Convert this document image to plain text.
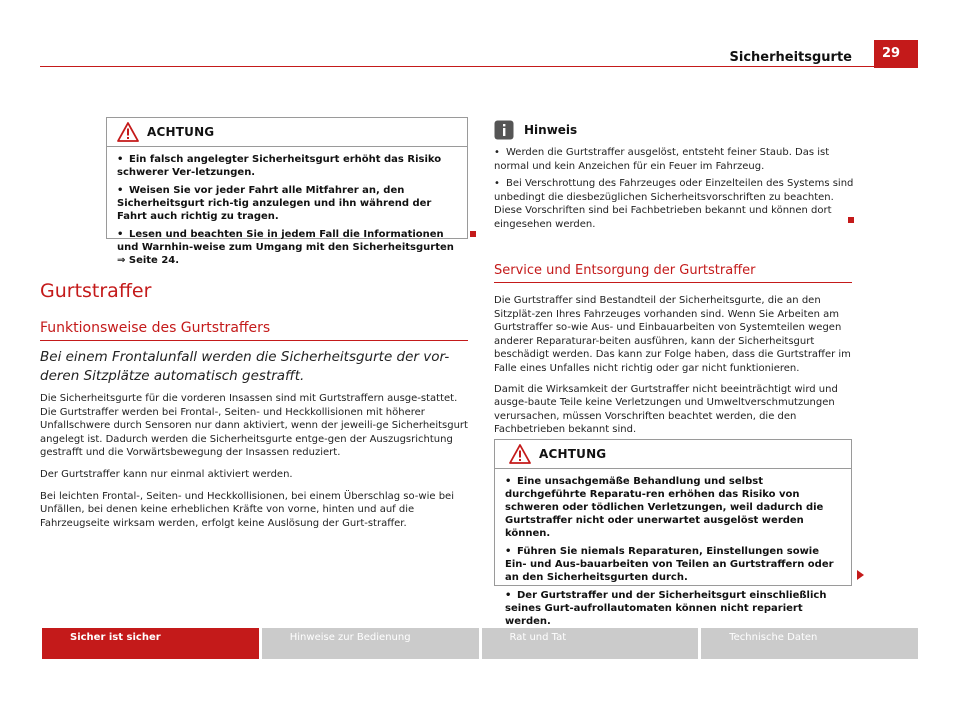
Sicherheitsgurte	29
ACHTUNG

• Ein falsch angelegter Sicherheitsgurt erhöht das Risiko schwerer Ver-letzungen.

• Weisen Sie vor jeder Fahrt alle Mitfahrer an, den Sicherheitsgurt rich-tig anzulegen und ihn während der Fahrt auch richtig zu tragen.

• Lesen und beachten Sie in jedem Fall die Informationen und Warnhin-weise zum Umgang mit den Sicherheitsgurten ⇒ Seite 24.

Gurtstraffer
Funktionsweise des Gurtstraffers
Bei einem Frontalunfall werden die Sicherheitsgurte der vor-deren Sitzplätze automatisch gestrafft.

Die Sicherheitsgurte für die vorderen Insassen sind mit Gurtstraffern ausge-stattet. Die Gurtstraffer werden bei Frontal-, Seiten- und Heckkollisionen mit höherer Unfallschwere durch Sensoren nur dann aktiviert, wenn der jeweili-ge Sicherheitsgurt angelegt ist. Dadurch werden die Sicherheitsgurte entge-gen der Auszugsrichtung gestrafft und die Vorwärtsbewegung der Insassen reduziert.

Der Gurtstraffer kann nur einmal aktiviert werden.

Bei leichten Frontal-, Seiten- und Heckkollisionen, bei einem Überschlag so-wie bei Unfällen, bei denen keine erheblichen Kräfte von vorne, hinten und auf die Fahrzeugseite wirksam werden, erfolgt keine Auslösung der Gurt-straffer.

Hinweis

• Werden die Gurtstraffer ausgelöst, entsteht feiner Staub. Das ist normal und kein Anzeichen für ein Feuer im Fahrzeug.

• Bei Verschrottung des Fahrzeuges oder Einzelteilen des Systems sind unbedingt die diesbezüglichen Sicherheitsvorschriften zu beachten. Diese Vorschriften sind bei Fachbetrieben bekannt und können dort eingesehen werden.

Service und Entsorgung der Gurtstraffer

Die Gurtstraffer sind Bestandteil der Sicherheitsgurte, die an den Sitzplät-zen Ihres Fahrzeuges vorhanden sind. Wenn Sie Arbeiten am Gurtstraffer so-wie Aus- und Einbauarbeiten von Systemteilen wegen anderer Reparaturar-beiten ausführen, kann der Sicherheitsgurt beschädigt werden. Das kann zur Folge haben, dass die Gurtstraffer im Falle eines Unfalles nicht richtig oder gar nicht funktionieren.

Damit die Wirksamkeit der Gurtstraffer nicht beeinträchtigt wird und ausge-baute Teile keine Verletzungen und Umweltverschmutzungen verursachen, müssen Vorschriften beachtet werden, die den Fachbetrieben bekannt sind.

ACHTUNG

• Eine unsachgemäße Behandlung und selbst durchgeführte Reparatu-ren erhöhen das Risiko von schweren oder tödlichen Verletzungen, weil dadurch die Gurtstraffer nicht oder unerwartet ausgelöst werden können.

• Führen Sie niemals Reparaturen, Einstellungen sowie Ein- und Aus-bauarbeiten von Teilen an Gurtstraffern oder an den Sicherheitsgurten durch.

• Der Gurtstraffer und der Sicherheitsgurt einschließlich seines Gurt-aufrollautomaten können nicht repariert werden.

Sicher ist sicher	Hinweise zur Bedienung	Rat und Tat	Technische Daten
